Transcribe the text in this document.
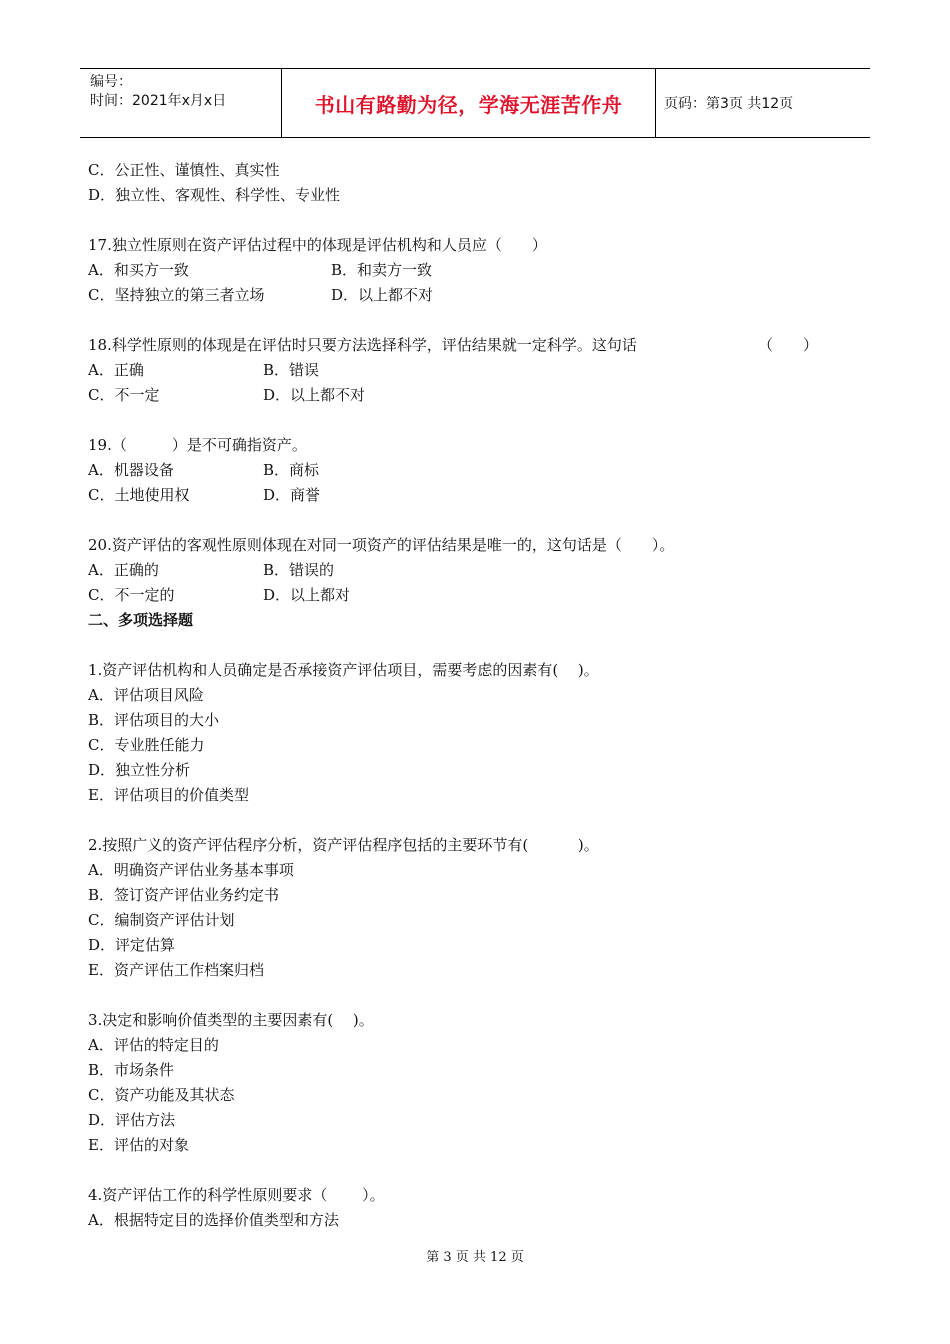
编号：
时间：2021年x月x日	书山有路勤为径，学海无涯苦作舟	页码：第3页 共12页
C．公正性、谨慎性、真实性
D．独立性、客观性、科学性、专业性
17.独立性原则在资产评估过程中的体现是评估机构和人员应（　　）
A．和买方一致	B．和卖方一致
C．坚持独立的第三者立场	D．以上都不对
18.科学性原则的体现是在评估时只要方法选择科学，评估结果就一定科学。这句话	（　　）
A．正确	B．错误
C．不一定	D．以上都不对
19.（　　　）是不可确指资产。
A．机器设备	B．商标
C．土地使用权	D．商誉
20.资产评估的客观性原则体现在对同一项资产的评估结果是唯一的，这句话是（　　）。
A．正确的	B．错误的
C．不一定的	D．以上都对
二、多项选择题
1.资产评估机构和人员确定是否承接资产评估项目，需要考虑的因素有(　 )。
A．评估项目风险
B．评估项目的大小
C．专业胜任能力
D．独立性分析
E．评估项目的价值类型
2.按照广义的资产评估程序分析，资产评估程序包括的主要环节有(　　　 )。
A．明确资产评估业务基本事项
B．签订资产评估业务约定书
C．编制资产评估计划
D．评定估算
E．资产评估工作档案归档
3.决定和影响价值类型的主要因素有(　 )。
A．评估的特定目的
B．市场条件
C．资产功能及其状态
D．评估方法
E．评估的对象
4.资产评估工作的科学性原则要求（　　 ）。
A．根据特定目的选择价值类型和方法
第 3 页 共 12 页
